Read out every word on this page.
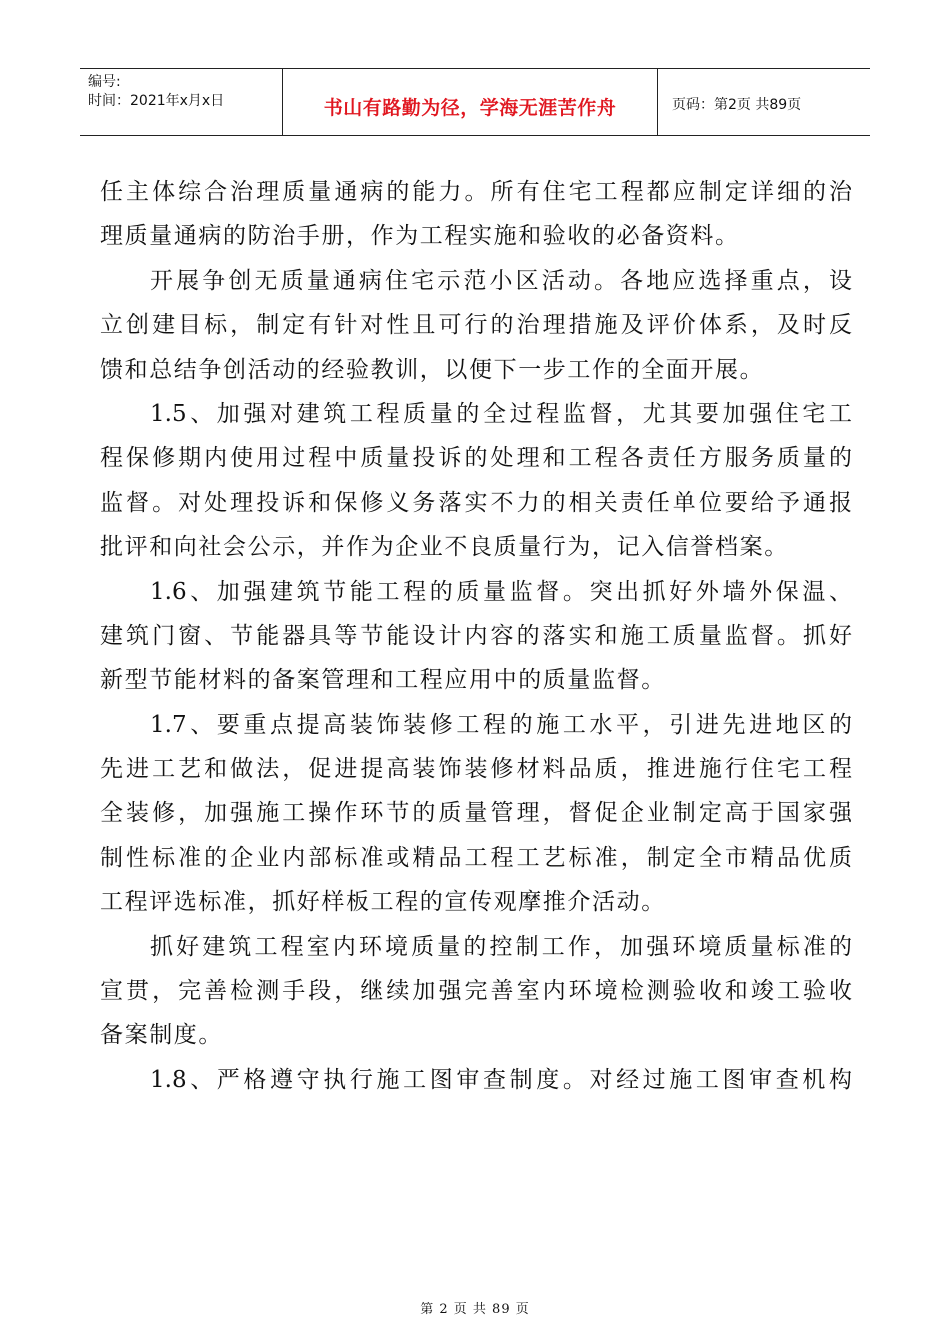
编号:
时间：2021年x月x日	书山有路勤为径，学海无涯苦作舟	页码：第2页 共89页
任主体综合治理质量通病的能力。所有住宅工程都应制定详细的治
理质量通病的防治手册，作为工程实施和验收的必备资料。
开展争创无质量通病住宅示范小区活动。各地应选择重点，设
立创建目标，制定有针对性且可行的治理措施及评价体系，及时反
馈和总结争创活动的经验教训，以便下一步工作的全面开展。
1.5、加强对建筑工程质量的全过程监督，尤其要加强住宅工
程保修期内使用过程中质量投诉的处理和工程各责任方服务质量的
监督。对处理投诉和保修义务落实不力的相关责任单位要给予通报
批评和向社会公示，并作为企业不良质量行为，记入信誉档案。
1.6、加强建筑节能工程的质量监督。突出抓好外墙外保温、
建筑门窗、节能器具等节能设计内容的落实和施工质量监督。抓好
新型节能材料的备案管理和工程应用中的质量监督。
1.7、要重点提高装饰装修工程的施工水平，引进先进地区的
先进工艺和做法，促进提高装饰装修材料品质，推进施行住宅工程
全装修，加强施工操作环节的质量管理，督促企业制定高于国家强
制性标准的企业内部标准或精品工程工艺标准，制定全市精品优质
工程评选标准，抓好样板工程的宣传观摩推介活动。
抓好建筑工程室内环境质量的控制工作，加强环境质量标准的
宣贯，完善检测手段，继续加强完善室内环境检测验收和竣工验收
备案制度。
1.8、严格遵守执行施工图审查制度。对经过施工图审查机构
第 2 页 共 89 页
